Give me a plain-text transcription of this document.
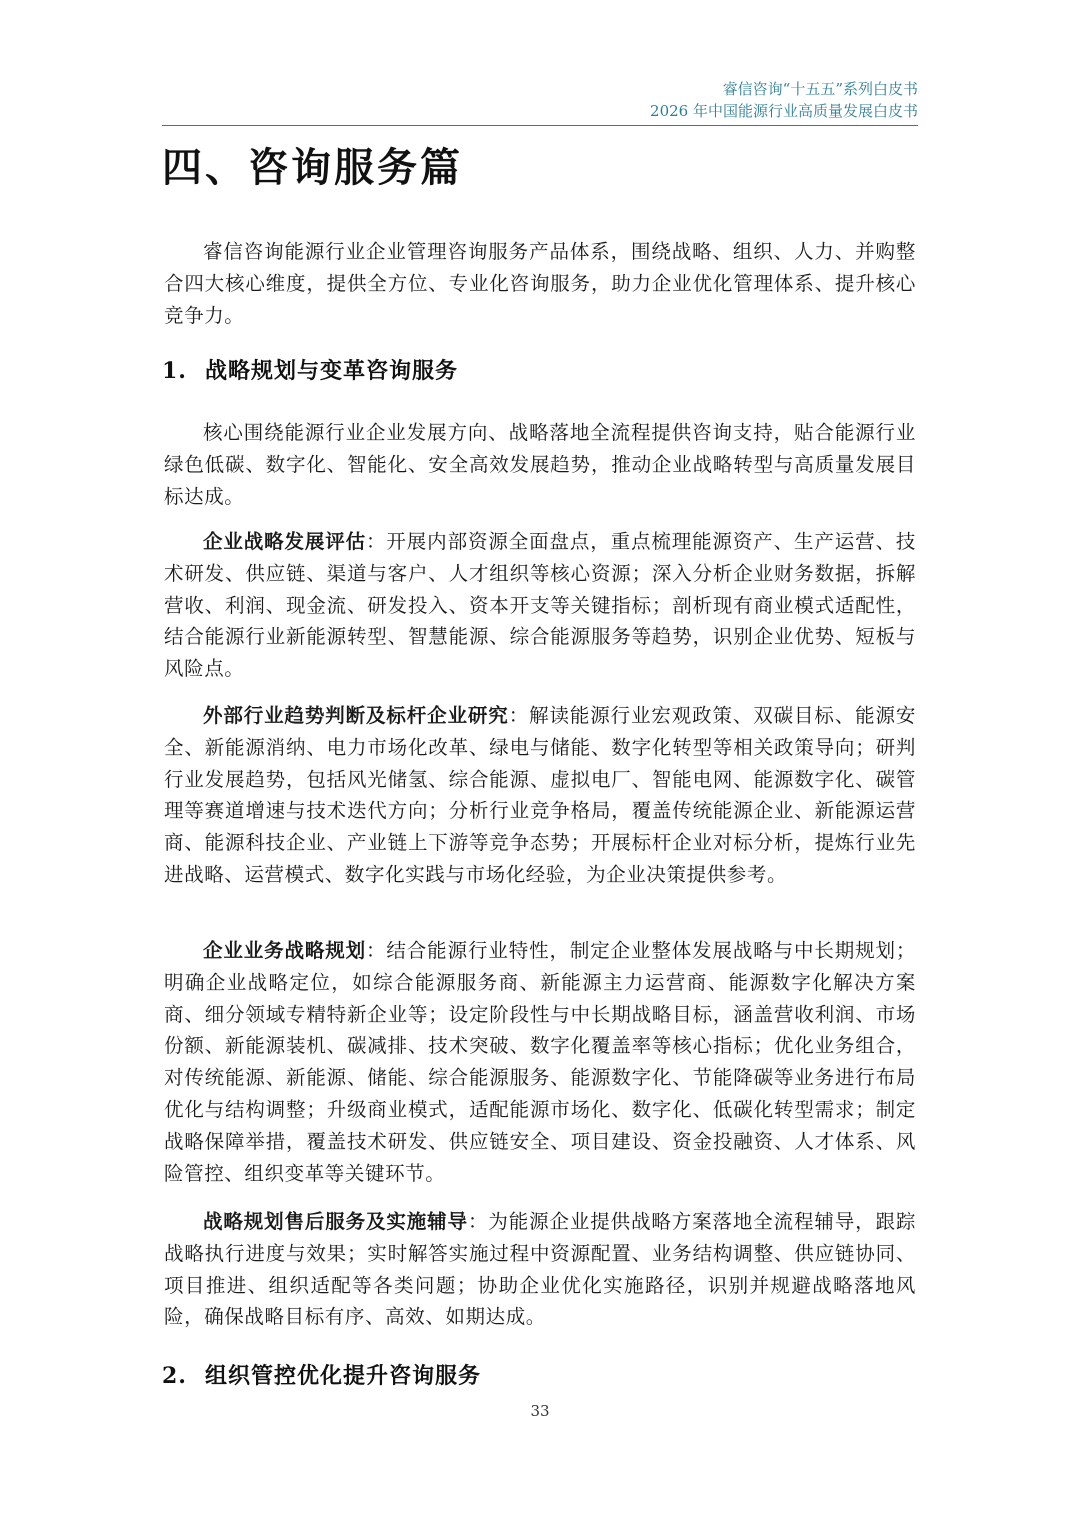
睿信咨询“十五五”系列白皮书
2026 年中国能源行业高质量发展白皮书
四、咨询服务篇

睿信咨询能源行业企业管理咨询服务产品体系，围绕战略、组织、人力、并购整合四大核心维度，提供全方位、专业化咨询服务，助力企业优化管理体系、提升核心竞争力。

1. 战略规划与变革咨询服务

核心围绕能源行业企业发展方向、战略落地全流程提供咨询支持，贴合能源行业绿色低碳、数字化、智能化、安全高效发展趋势，推动企业战略转型与高质量发展目标达成。

企业战略发展评估：开展内部资源全面盘点，重点梳理能源资产、生产运营、技术研发、供应链、渠道与客户、人才组织等核心资源；深入分析企业财务数据，拆解营收、利润、现金流、研发投入、资本开支等关键指标；剖析现有商业模式适配性，结合能源行业新能源转型、智慧能源、综合能源服务等趋势，识别企业优势、短板与风险点。

外部行业趋势判断及标杆企业研究：解读能源行业宏观政策、双碳目标、能源安全、新能源消纳、电力市场化改革、绿电与储能、数字化转型等相关政策导向；研判行业发展趋势，包括风光储氢、综合能源、虚拟电厂、智能电网、能源数字化、碳管理等赛道增速与技术迭代方向；分析行业竞争格局，覆盖传统能源企业、新能源运营商、能源科技企业、产业链上下游等竞争态势；开展标杆企业对标分析，提炼行业先进战略、运营模式、数字化实践与市场化经验，为企业决策提供参考。

企业业务战略规划：结合能源行业特性，制定企业整体发展战略与中长期规划；明确企业战略定位，如综合能源服务商、新能源主力运营商、能源数字化解决方案商、细分领域专精特新企业等；设定阶段性与中长期战略目标，涵盖营收利润、市场份额、新能源装机、碳减排、技术突破、数字化覆盖率等核心指标；优化业务组合，对传统能源、新能源、储能、综合能源服务、能源数字化、节能降碳等业务进行布局优化与结构调整；升级商业模式，适配能源市场化、数字化、低碳化转型需求；制定战略保障举措，覆盖技术研发、供应链安全、项目建设、资金投融资、人才体系、风险管控、组织变革等关键环节。

战略规划售后服务及实施辅导：为能源企业提供战略方案落地全流程辅导，跟踪战略执行进度与效果；实时解答实施过程中资源配置、业务结构调整、供应链协同、项目推进、组织适配等各类问题；协助企业优化实施路径，识别并规避战略落地风险，确保战略目标有序、高效、如期达成。

2. 组织管控优化提升咨询服务
33
